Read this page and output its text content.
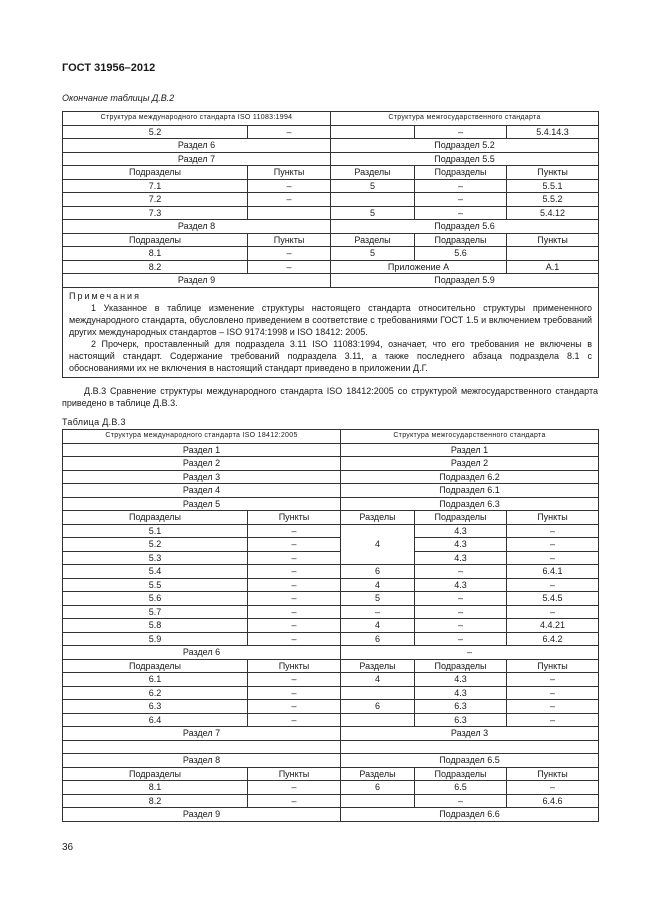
ГОСТ 31956–2012
Окончание таблицы Д.В.2
Структура международного стандарта ISO 11083:1994		Структура межгосударственного стандарта		
5.2	–		–	5.4.14.3
Раздел 6		Подраздел 5.2		
Раздел 7		Подраздел 5.5		
Подразделы	Пункты	Разделы	Подразделы	Пункты
7.1	–	5	–	5.5.1
7.2	–		–	5.5.2
7.3		5	–	5.4.12
Раздел 8		Подраздел 5.6		
Подразделы	Пункты	Разделы	Подразделы	Пункты
8.1	–	5	5.6	
8.2	–	Приложение А		А.1
Раздел 9		Подраздел 5.9		

Примечания
1 Указанное в таблице изменение структуры настоящего стандарта относительно структуры примененного международного стандарта, обусловлено приведением в соответствие с требованиями ГОСТ 1.5 и включением требований других международных стандартов – ISO 9174:1998 и ISO 18412: 2005.
2 Прочерк, проставленный для подраздела 3.11 ISO 11083:1994, означает, что его требования не включены в настоящий стандарт. Содержание требований подраздела 3.11, а также последнего абзаца подраздела 8.1 с обоснованиями их не включения в настоящий стандарт приведено в приложении Д.Г.				
Д.В.3 Сравнение структуры международного стандарта ISO 18412:2005 со структурой межгосударственного стандарта приведено в таблице Д.В.3.
Таблица Д.В.3
Структура международного стандарта ISO 18412:2005		Структура межгосударственного стандарта		
Раздел 1		Раздел 1		
Раздел 2		Раздел 2		
Раздел 3		Подраздел 6.2		
Раздел 4		Подраздел 6.1		
Раздел 5		Подраздел 6.3		
Подразделы	Пункты	Разделы	Подразделы	Пункты
5.1	–	4	4.3	–
5.2	–		4.3	–
5.3	–		4.3	–
5.4	–	6	–	6.4.1
5.5	–	4	4.3	–
5.6	–	5	–	5.4.5
5.7	–	–	–	–
5.8	–	4	–	4.4.21
5.9	–	6	–	6.4.2
Раздел 6		–		
Подразделы	Пункты	Разделы	Подразделы	Пункты
6.1	–	4	4.3	–
6.2	–		4.3	–
6.3	–	6	6.3	–
6.4	–		6.3	–
Раздел 7		Раздел 3		

Раздел 8		Подраздел 6.5		
Подразделы	Пункты	Разделы	Подразделы	Пункты
8.1	–	6	6.5	–
8.2	–		–	6.4.6
Раздел 9		Подраздел 6.6		
36
